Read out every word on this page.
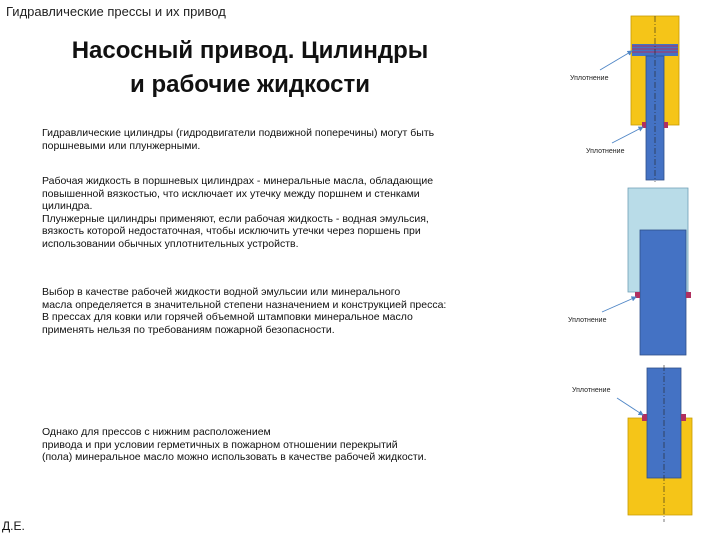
Гидравлические прессы и их привод
Насосный привод. Цилиндры
и рабочие жидкости
Гидравлические цилиндры (гидродвигатели подвижной поперечины) могут быть
поршневыми или плунжерными.
Рабочая жидкость в поршневых цилиндрах - минеральные масла, обладающие
повышенной вязкостью, что исключает их утечку между поршнем и стенками
цилиндра.
Плунжерные цилиндры применяют, если рабочая жидкость - водная эмульсия,
вязкость которой недостаточная, чтобы исключить утечки через поршень при
использовании обычных уплотнительных устройств.
Выбор в качестве рабочей жидкости водной эмульсии или минерального
масла определяется в значительной степени назначением и конструкцией пресса:
В прессах для ковки или горячей объемной штамповки минеральное масло
применять нельзя по требованиям пожарной безопасности.
Однако для прессов с нижним расположением
привода и при условии герметичных в пожарном отношении перекрытий
(пола) минеральное масло можно использовать в качестве рабочей жидкости.
Д.Е.
Уплотнение
Уплотнение
Уплотнение
Уплотнение
